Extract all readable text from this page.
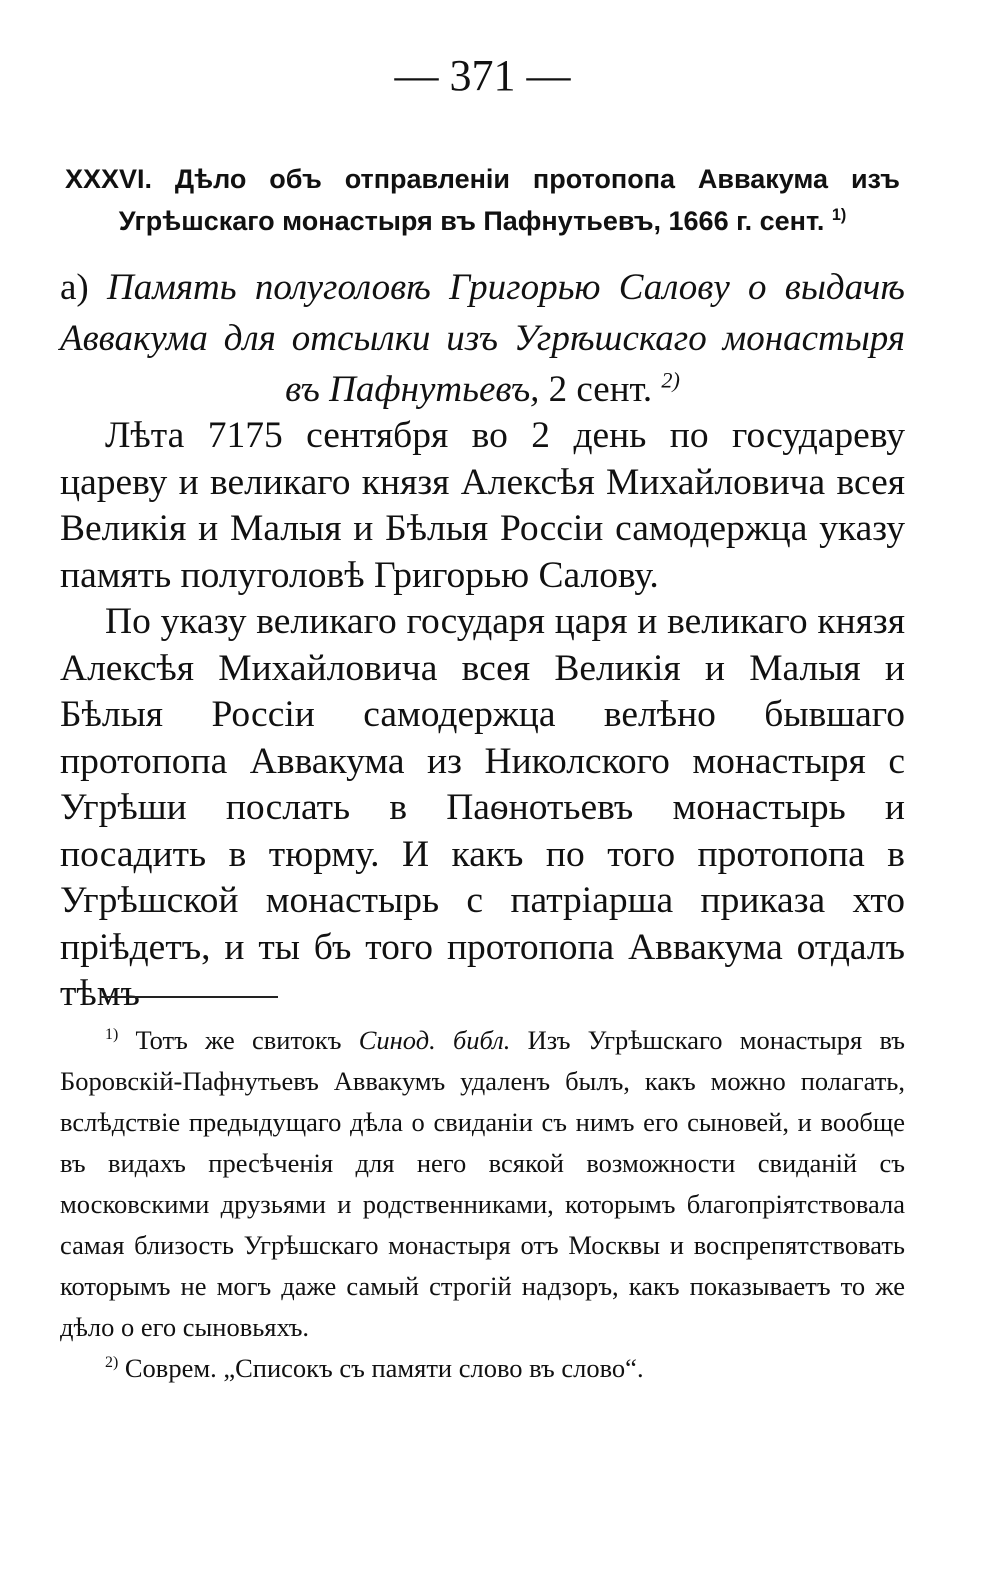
— 371 —
XXXVI. Дѣло объ отправленіи протопопа Аввакума изъ Угрѣшскаго монастыря въ Пафнутьевъ, 1666 г. сент. $^{1)}$
а) Память полуголовѣ Григорью Салову о выдачѣ Аввакума для отсылки изъ Угрѣшскаго монастыря въ Пафнутьевъ, 2 сент. $^{2)}$

Лѣта 7175 сентября во 2 день по государеву цареву и великаго князя Алексѣя Михайловича всея Великія и Малыя и Бѣлыя Россіи самодержца указу память полуголовѣ Григорью Салову.

По указу великаго государя царя и великаго князя Алексѣя Михайловича всея Великія и Малыя и Бѣлыя Россіи самодержца велѣно бывшаго протопопа Аввакума из Николского монастыря с Угрѣши послать в Паѳнотьевъ монастырь и посадить в тюрму. И какъ по того протопопа в Угрѣшской монастырь с патріарша приказа хто пріѣдетъ, и ты бъ того протопопа Аввакума отдалъ тѣмъ

$^{1)}$ Тотъ же свитокъ Синод. библ. Изъ Угрѣшскаго монастыря въ Боровскій-Пафнутьевъ Аввакумъ удаленъ былъ, какъ можно полагать, вслѣдствіе предыдущаго дѣла о свиданіи съ нимъ его сыновей, и вообще въ видахъ пресѣченія для него всякой возможности свиданій съ московскими друзьями и родственниками, которымъ благопріятствовала самая близость Угрѣшскаго монастыря отъ Москвы и воспрепятствовать которымъ не могъ даже самый строгій надзоръ, какъ показываетъ то же дѣло о его сыновьяхъ.

$^{2)}$ Соврем. „Списокъ съ памяти слово въ слово“.
